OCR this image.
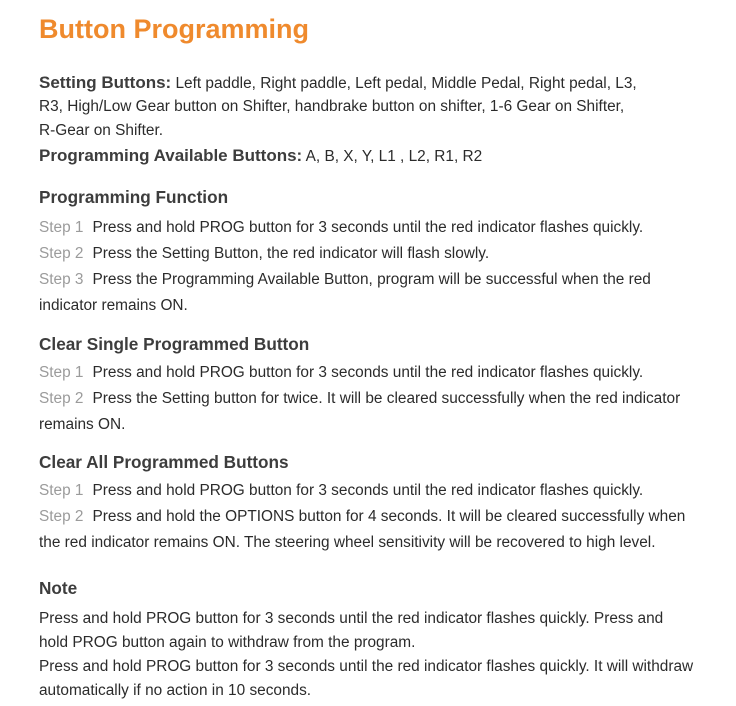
Button Programming
Setting Buttons: Left paddle, Right paddle, Left pedal, Middle Pedal, Right pedal, L3,
R3, High/Low Gear button on Shifter, handbrake button on shifter, 1-6 Gear on Shifter,
R-Gear on Shifter.
Programming Available Buttons: A, B, X, Y, L1 , L2, R1, R2
Programming Function
Step 1 Press and hold PROG button for 3 seconds until the red indicator flashes quickly.
Step 2 Press the Setting Button, the red indicator will flash slowly.
Step 3 Press the Programming Available Button, program will be successful when the red
indicator remains ON.
Clear Single Programmed Button
Step 1 Press and hold PROG button for 3 seconds until the red indicator flashes quickly.
Step 2 Press the Setting button for twice. It will be cleared successfully when the red indicator
remains ON.
Clear All Programmed Buttons
Step 1 Press and hold PROG button for 3 seconds until the red indicator flashes quickly.
Step 2 Press and hold the OPTIONS button for 4 seconds. It will be cleared successfully when
the red indicator remains ON. The steering wheel sensitivity will be recovered to high level.
Note
Press and hold PROG button for 3 seconds until the red indicator flashes quickly. Press and
hold PROG button again to withdraw from the program.
Press and hold PROG button for 3 seconds until the red indicator flashes quickly. It will withdraw
automatically if no action in 10 seconds.
